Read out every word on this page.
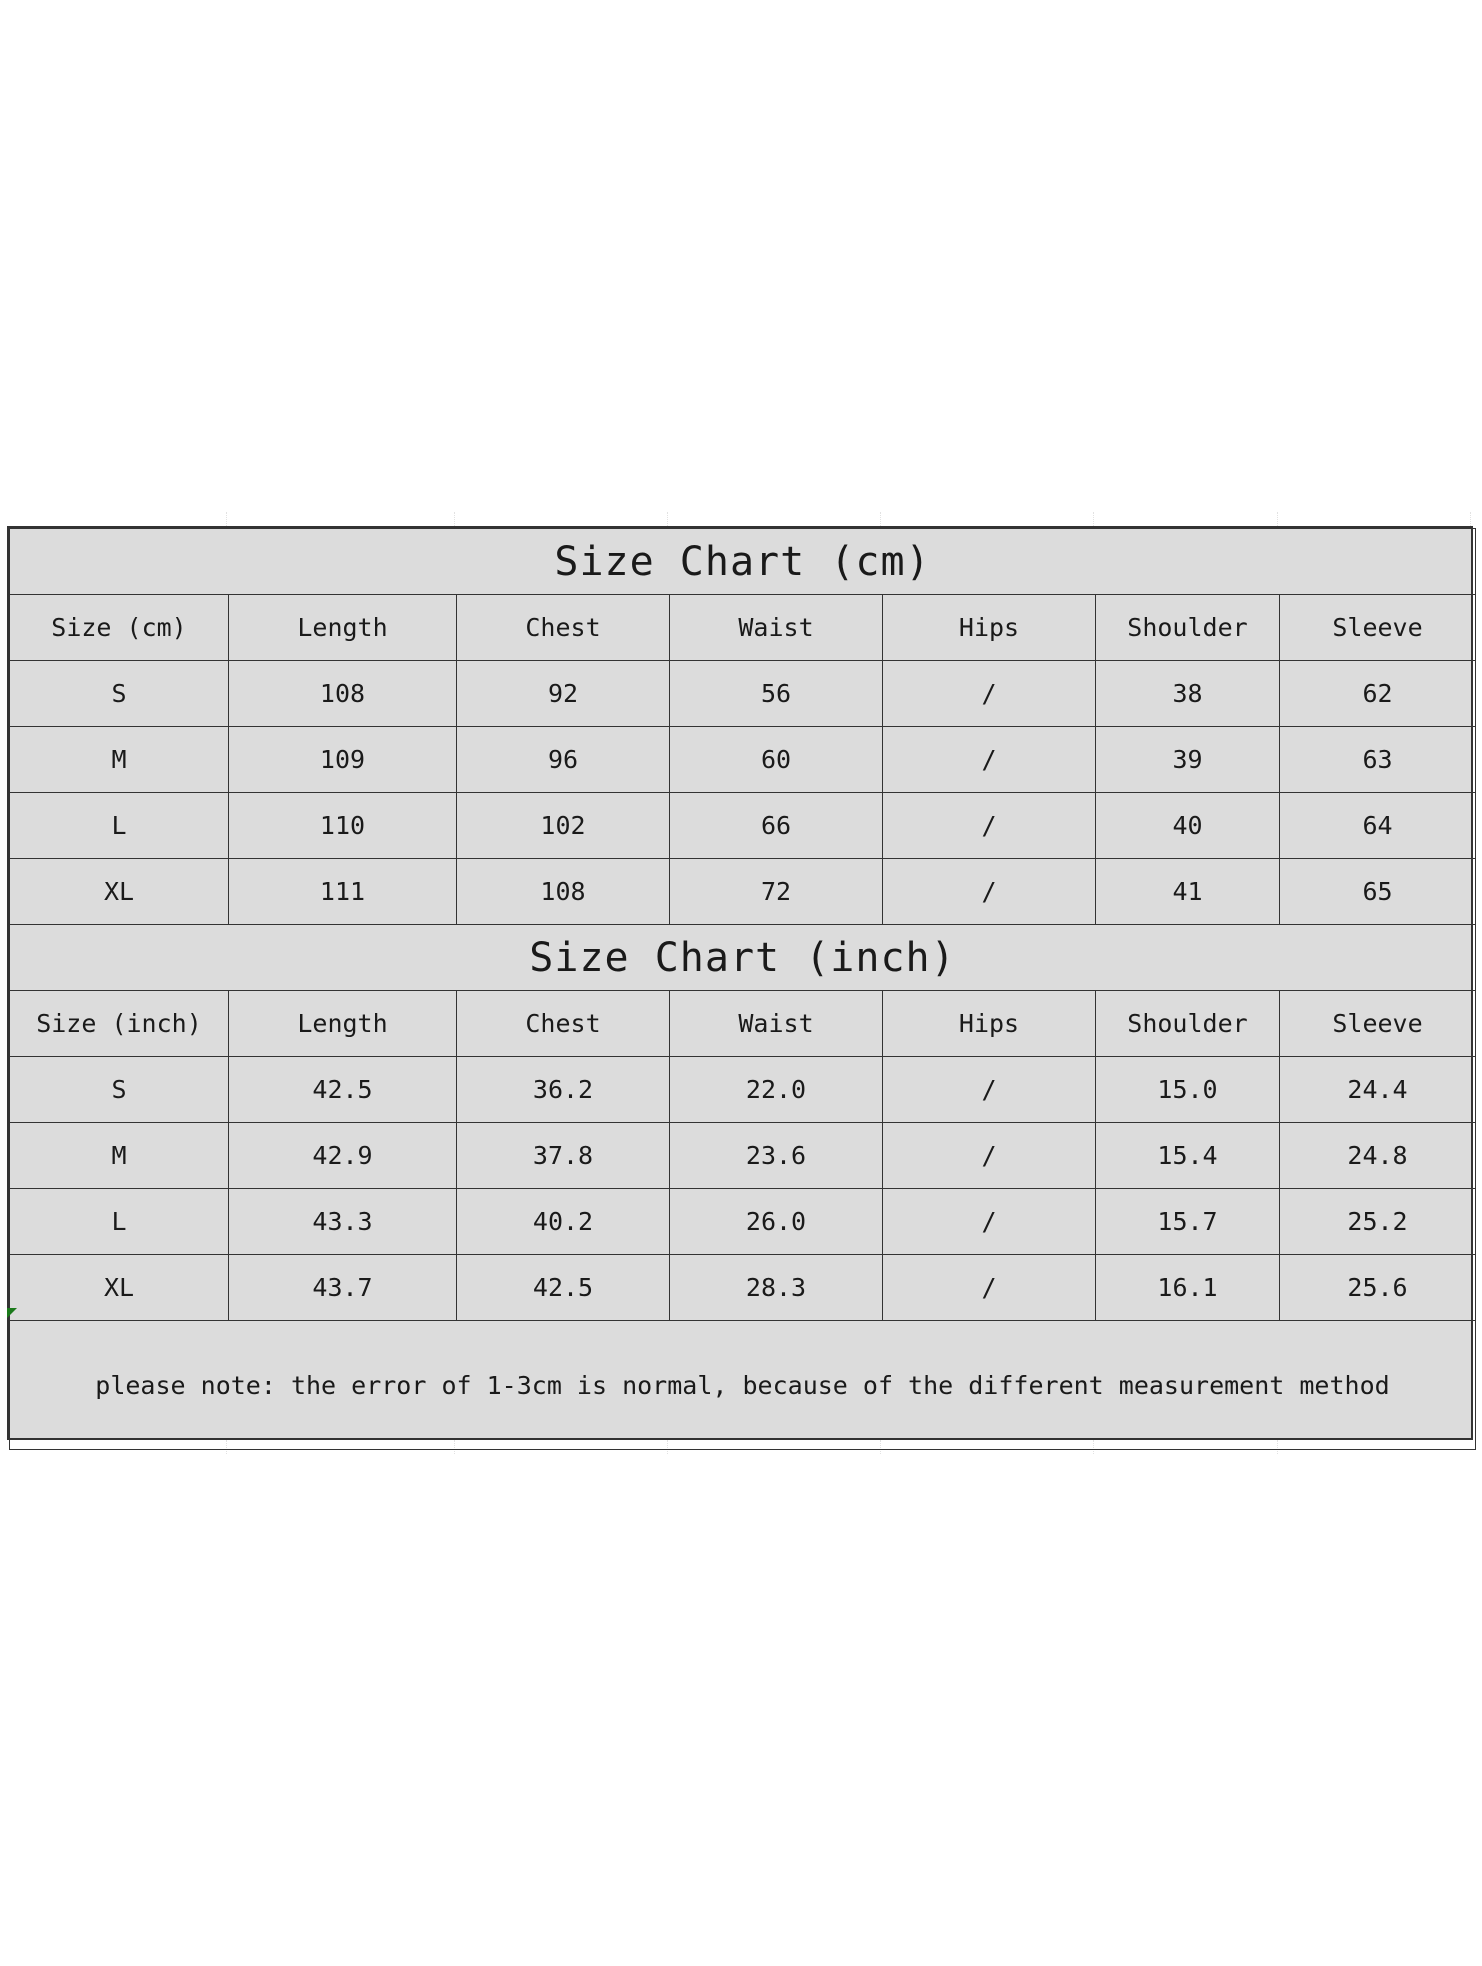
Size Chart (cm)						
Size (cm)	Length	Chest	Waist	Hips	Shoulder	Sleeve
S	108	92	56	/	38	62
M	109	96	60	/	39	63
L	110	102	66	/	40	64
XL	111	108	72	/	41	65
Size Chart (inch)						
Size (inch)	Length	Chest	Waist	Hips	Shoulder	Sleeve
S	42.5	36.2	22.0	/	15.0	24.4
M	42.9	37.8	23.6	/	15.4	24.8
L	43.3	40.2	26.0	/	15.7	25.2
XL	43.7	42.5	28.3	/	16.1	25.6
please note: the error of 1-3cm is normal, because of the different measurement method						
